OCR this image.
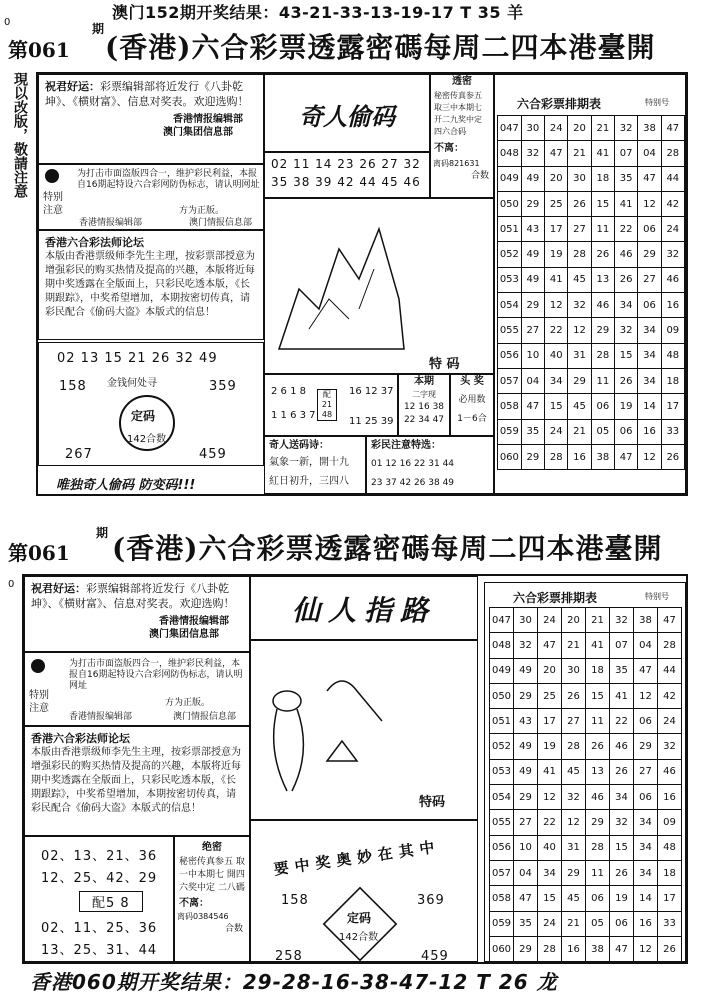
澳门152期开奖结果：43-21-33-13-19-17 T 35 羊
0
第061
期
(香港)六合彩票透露密碼每周二四本港臺開
現以改版，敬請注意	祝君好运：彩票编辑部将近发行《八卦乾坤》、《横财富》、信息对奖表。欢迎选购！
香港情报编辑部
澳门集团信息部
特别注意
为打击市面盗版四合一，维护彩民利益，本报自16期起特设六合彩网防伪标志，请认明网址
方为正版。
香港情报编辑部	澳门情报信息部
香港六合彩法师论坛
本版由香港票级师李先生主理，按彩票部授意为增强彩民的购买热情及提高的兴趣，本版将近每期中奖透露在全版面上，只彩民吃透本版，《长期跟踪》，中奖希望增加，本期按密切传真，请彩民配合《偷码大盗》本版式的信息！
02 13 15 21 26 32 49
158 金钱何处寻	359
定码
142合数
267	459
唯独奇人偷码 防变码!!!
奇人偷码
02 11 14 23 26 27 32
35 38 39 42 44 45 46
特 码
2 6 1 8
1 1 6 3 7
配 21 48
16 12 37
11 25 39
本期
二字现
12 16 38
22 34 47
头 奖
必用数
1－6合
奇人送码诗：
氣象一新，開十九
紅日初升，三四八
彩民注意特选：
01 12 16 22 31 44
23 37 42 26 38 49
透密
秘密传真参五 取三中本期七 开二九奖中定 四六合码
不离：
离码821631
合数
六合彩票排期表	特别号
047	30	24	20	21	32	38	47
048	32	47	21	41	07	04	28
049	49	20	30	18	35	47	44
050	29	25	26	15	41	12	42
051	43	17	27	11	22	06	24
052	49	19	28	26	46	29	32
053	49	41	45	13	26	27	46
054	29	12	32	46	34	06	16
055	27	22	12	29	32	34	09
056	10	40	31	28	15	34	48
057	04	34	29	11	26	34	18
058	47	15	45	06	19	14	17
059	35	24	21	05	06	16	33
060	29	28	16	38	47	12	26
第061
期 (香港)六合彩票透露密碼每周二四本港臺開
0	祝君好运：彩票编辑部将近发行《八卦乾坤》、《横财富》、信息对奖表。欢迎选购！
香港情报编辑部
澳门集团信息部
特别注意
为打击市面盗版四合一，维护彩民利益，本报自16期起特设六合彩网防伪标志，请认明网址
方为正版。
香港情报编辑部	澳门情报信息部
香港六合彩法师论坛
本版由香港票级师李先生主理，按彩票部授意为增强彩民的购买热情及提高的兴趣，本版将近每期中奖透露在全版面上，只彩民吃透本版，《长期跟踪》，中奖希望增加，本期按密切传真，请彩民配合《偷码大盗》本版式的信息！
02、13、21、36
12、25、42、29
配5 8
02、11、25、36
13、25、31、44
绝密
秘密传真参五 取一中本期七 開四六奖中定 二八碼
不离：
离码0384546
合数
仙人指路
特码
要中奖奥妙在其中
158	369
定码
142合数
258	459
六合彩票排期表	特别号
047	30	24	20	21	32	38	47
048	32	47	21	41	07	04	28
049	49	20	30	18	35	47	44
050	29	25	26	15	41	12	42
051	43	17	27	11	22	06	24
052	49	19	28	26	46	29	32
053	49	41	45	13	26	27	46
054	29	12	32	46	34	06	16
055	27	22	12	29	32	34	09
056	10	40	31	28	15	34	48
057	04	34	29	11	26	34	18
058	47	15	45	06	19	14	17
059	35	24	21	05	06	16	33
060	29	28	16	38	47	12	26
香港060期开奖结果：29-28-16-38-47-12 T 26 龙
